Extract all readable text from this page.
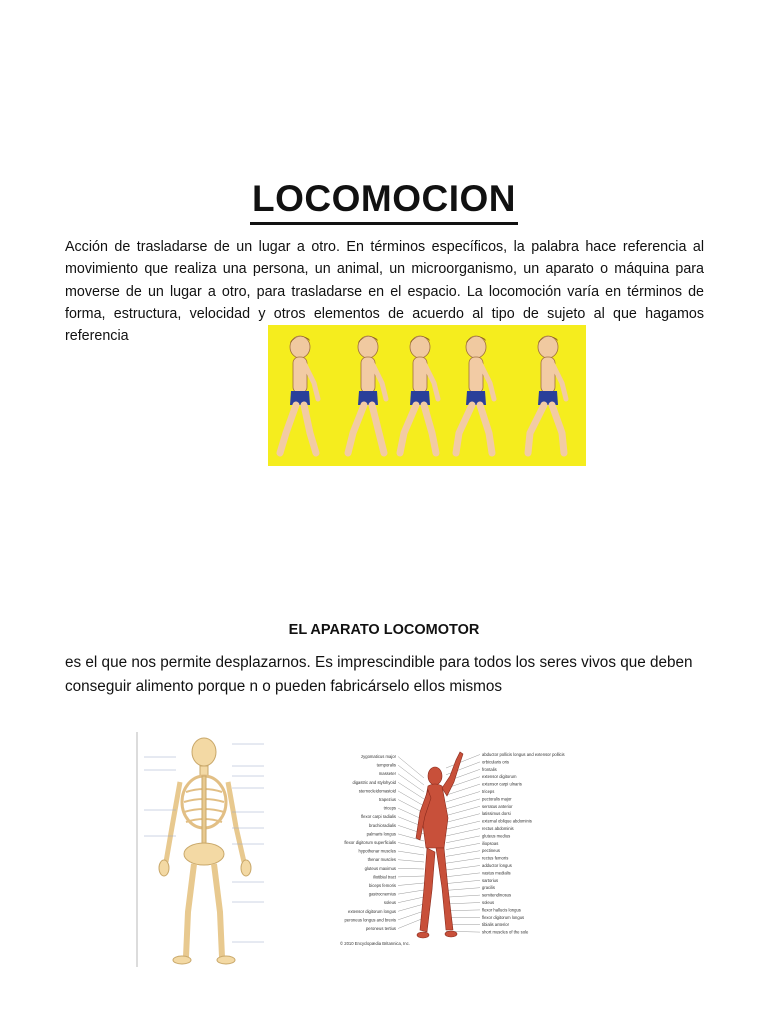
LOCOMOCION
Acción de trasladarse de un lugar a otro. En términos específicos, la palabra hace referencia al movimiento que realiza una persona, un animal, un microorganismo, un aparato o máquina para moverse de un lugar a otro, para trasladarse en el espacio. La locomoción varía en términos de forma, estructura, velocidad y otros elementos de acuerdo al tipo de sujeto al que hagamos referencia
EL APARATO LOCOMOTOR
es el que nos permite desplazarnos. Es imprescindible para todos los seres vivos que deben conseguir alimento porque n o pueden fabricárselo ellos mismos
zygomaticus major
temporalis
masseter
digastric and stylohyoid
sternocleidomastoid
trapezius
triceps
flexor carpi radialis
brachioradialis
palmaris longus
flexor digitorum superficialis
hypothenar muscles
thenar muscles
gluteus maximus
iliotibial tract
biceps femoris
gastrocnemius
soleus
extensor digitorum longus
peroneus longus and brevis
peroneus tertius
abductor pollicis longus and extensor pollicis
orbicularis oris
frontalis
extensor digitorum
extensor carpi ulnaris
triceps
pectoralis major
serratus anterior
latissimus dorsi
external oblique abdominis
rectus abdominis
gluteus medius
iliopsoas
pectineus
rectus femoris
adductor longus
vastus medialis
sartorius
gracilis
semitendinosus
soleus
flexor hallucis longus
flexor digitorum longus
tibialis anterior
short muscles of the sole
© 2010 Encyclopædia Britannica, Inc.
